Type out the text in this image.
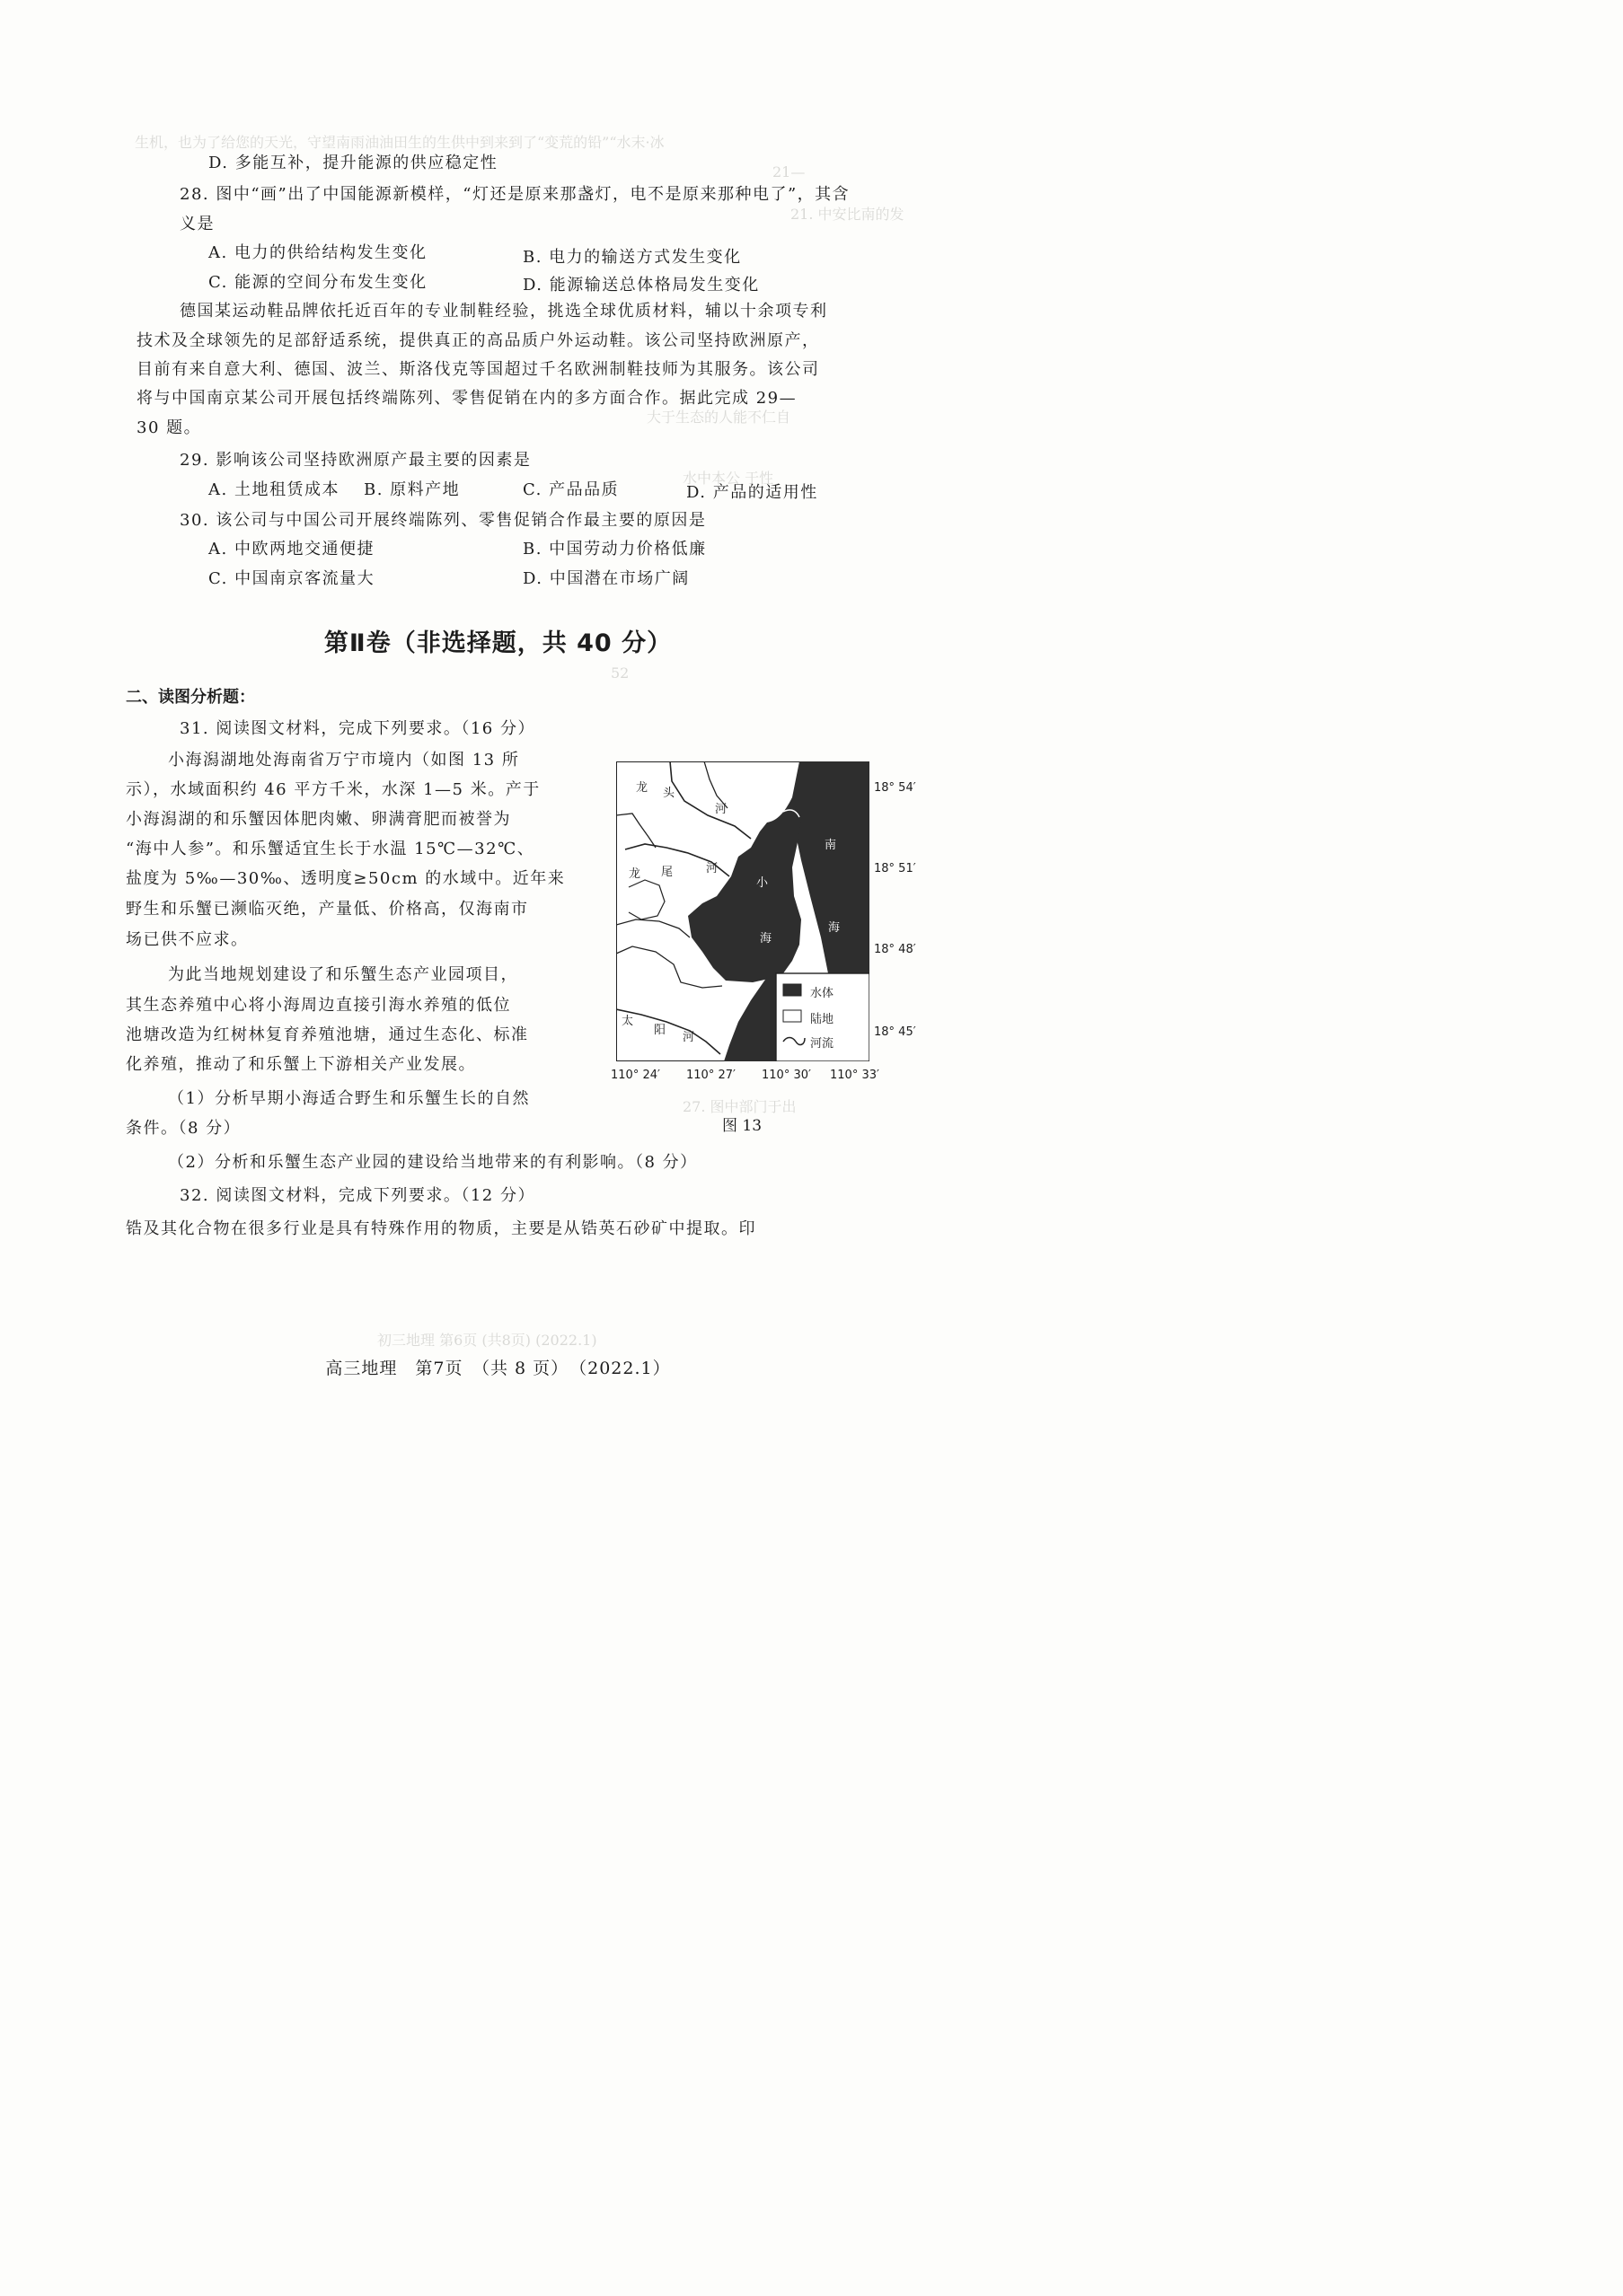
生机，也为了给您的天光，守望南雨油油田生的生供中到来到了“变荒的铅”“水末·冰
21—
21. 中安比南的发
大于生态的人能不仁自
水中本公 于性
52
27. 图中部门于出
初三地理 第6页 (共8页) (2022.1)
D. 多能互补，提升能源的供应稳定性
28. 图中“画”出了中国能源新模样，“灯还是原来那盏灯，电不是原来那种电了”，其含
义是
A. 电力的供给结构发生变化	B. 电力的输送方式发生变化
C. 能源的空间分布发生变化	D. 能源输送总体格局发生变化
德国某运动鞋品牌依托近百年的专业制鞋经验，挑选全球优质材料，辅以十余项专利
技术及全球领先的足部舒适系统，提供真正的高品质户外运动鞋。该公司坚持欧洲原产，
目前有来自意大利、德国、波兰、斯洛伐克等国超过千名欧洲制鞋技师为其服务。该公司
将与中国南京某公司开展包括终端陈列、零售促销在内的多方面合作。据此完成 29—
30 题。
29. 影响该公司坚持欧洲原产最主要的因素是
A. 土地租赁成本 B. 原料产地	C. 产品品质	D. 产品的适用性
30. 该公司与中国公司开展终端陈列、零售促销合作最主要的原因是
A. 中欧两地交通便捷	B. 中国劳动力价格低廉
C. 中国南京客流量大	D. 中国潜在市场广阔
第Ⅱ卷（非选择题，共 40 分）
二、读图分析题：
31. 阅读图文材料，完成下列要求。（16 分）
小海潟湖地处海南省万宁市境内（如图 13 所
示），水域面积约 46 平方千米，水深 1—5 米。产于
小海潟湖的和乐蟹因体肥肉嫩、卵满膏肥而被誉为
“海中人参”。和乐蟹适宜生长于水温 15℃—32℃、
盐度为 5‰—30‰、透明度≥50cm 的水域中。近年来
野生和乐蟹已濒临灭绝，产量低、价格高，仅海南市
场已供不应求。
为此当地规划建设了和乐蟹生态产业园项目，
其生态养殖中心将小海周边直接引海水养殖的低位
池塘改造为红树林复育养殖池塘，通过生态化、标准
化养殖，推动了和乐蟹上下游相关产业发展。
（1）分析早期小海适合野生和乐蟹生长的自然
条件。（8 分）
（2）分析和乐蟹生态产业园的建设给当地带来的有利影响。（8 分）
32. 阅读图文材料，完成下列要求。（12 分）
锆及其化合物在很多行业是具有特殊作用的物质，主要是从锆英石砂矿中提取。印
龙 头
河
龙 尾	河
小
海
南
海
太
阳
河
水体
陆地
河流
18° 54′
18° 51′
18° 48′
18° 45′
110° 24′ 110° 27′ 110° 30′ 110° 33′
图 13
高三地理　第7页　（共 8 页）　（2022.1）
